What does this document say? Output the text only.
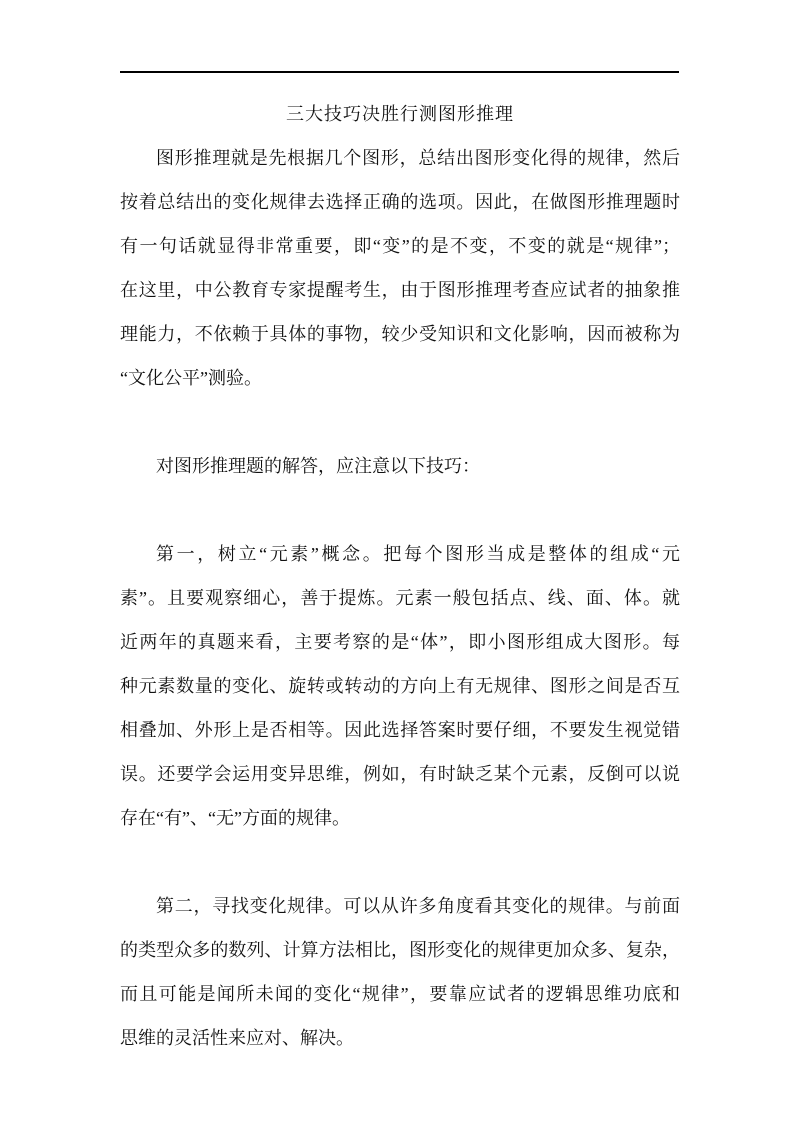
三大技巧决胜行测图形推理
图形推理就是先根据几个图形，总结出图形变化得的规律，然后
按着总结出的变化规律去选择正确的选项。因此，在做图形推理题时
有一句话就显得非常重要，即“变”的是不变，不变的就是“规律”；
在这里，中公教育专家提醒考生，由于图形推理考查应试者的抽象推
理能力，不依赖于具体的事物，较少受知识和文化影响，因而被称为
“文化公平”测验。
对图形推理题的解答，应注意以下技巧：
第一，树立“元素”概念。把每个图形当成是整体的组成“元
素”。且要观察细心，善于提炼。元素一般包括点、线、面、体。就
近两年的真题来看，主要考察的是“体”，即小图形组成大图形。每
种元素数量的变化、旋转或转动的方向上有无规律、图形之间是否互
相叠加、外形上是否相等。因此选择答案时要仔细，不要发生视觉错
误。还要学会运用变异思维，例如，有时缺乏某个元素，反倒可以说
存在“有”、“无”方面的规律。
第二，寻找变化规律。可以从许多角度看其变化的规律。与前面
的类型众多的数列、计算方法相比，图形变化的规律更加众多、复杂，
而且可能是闻所未闻的变化“规律”，要靠应试者的逻辑思维功底和
思维的灵活性来应对、解决。
